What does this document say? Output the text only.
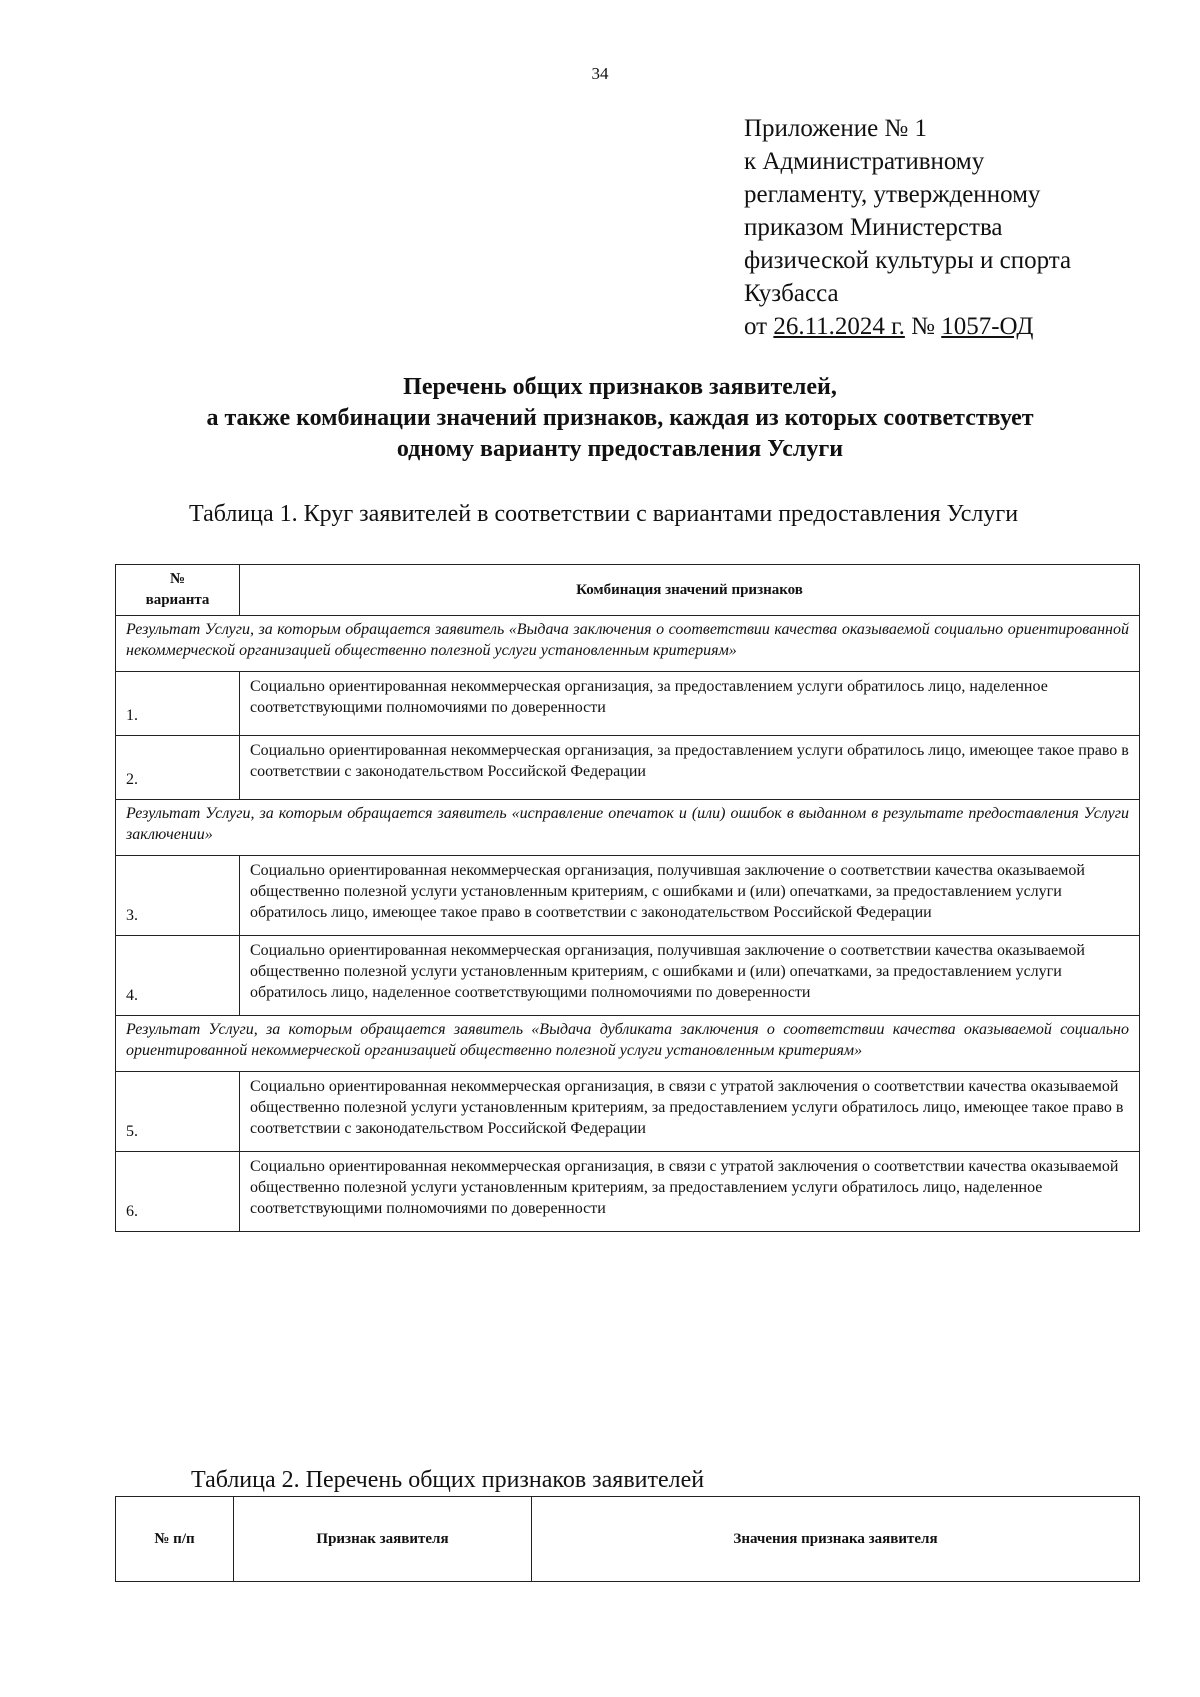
34
Приложение № 1
к Административному
регламенту, утвержденному
приказом Министерства
физической культуры и спорта
Кузбасса
от 26.11.2024 г. № 1057-ОД
Перечень общих признаков заявителей,
а также комбинации значений признаков, каждая из которых соответствует
одному варианту предоставления Услуги
Таблица 1. Круг заявителей в соответствии с вариантами предоставления Услуги
№
варианта	Комбинация значений признаков
Результат Услуги, за которым обращается заявитель «Выдача заключения о соответствии качества оказываемой социально ориентированной некоммерческой организацией общественно полезной услуги установленным критериям»	
1.	Социально ориентированная некоммерческая организация, за предоставлением услуги обратилось лицо, наделенное соответствующими полномочиями по доверенности
2.	Социально ориентированная некоммерческая организация, за предоставлением услуги обратилось лицо, имеющее такое право в соответствии с законодательством Российской Федерации
Результат Услуги, за которым обращается заявитель «исправление опечаток и (или) ошибок в выданном в результате предоставления Услуги заключении»	
3.	Социально ориентированная некоммерческая организация, получившая заключение о соответствии качества оказываемой общественно полезной услуги установленным критериям, с ошибками и (или) опечатками, за предоставлением услуги обратилось лицо, имеющее такое право в соответствии с законодательством Российской Федерации
4.	Социально ориентированная некоммерческая организация, получившая заключение о соответствии качества оказываемой общественно полезной услуги установленным критериям, с ошибками и (или) опечатками, за предоставлением услуги обратилось лицо, наделенное соответствующими полномочиями по доверенности
Результат Услуги, за которым обращается заявитель «Выдача дубликата заключения о соответствии качества оказываемой социально ориентированной некоммерческой организацией общественно полезной услуги установленным критериям»	
5.	Социально ориентированная некоммерческая организация, в связи с утратой заключения о соответствии качества оказываемой общественно полезной услуги установленным критериям, за предоставлением услуги обратилось лицо, имеющее такое право в соответствии с законодательством Российской Федерации
6.	Социально ориентированная некоммерческая организация, в связи с утратой заключения о соответствии качества оказываемой общественно полезной услуги установленным критериям, за предоставлением услуги обратилось лицо, наделенное соответствующими полномочиями по доверенности
Таблица 2. Перечень общих признаков заявителей
№ п/п	Признак заявителя	Значения признака заявителя
